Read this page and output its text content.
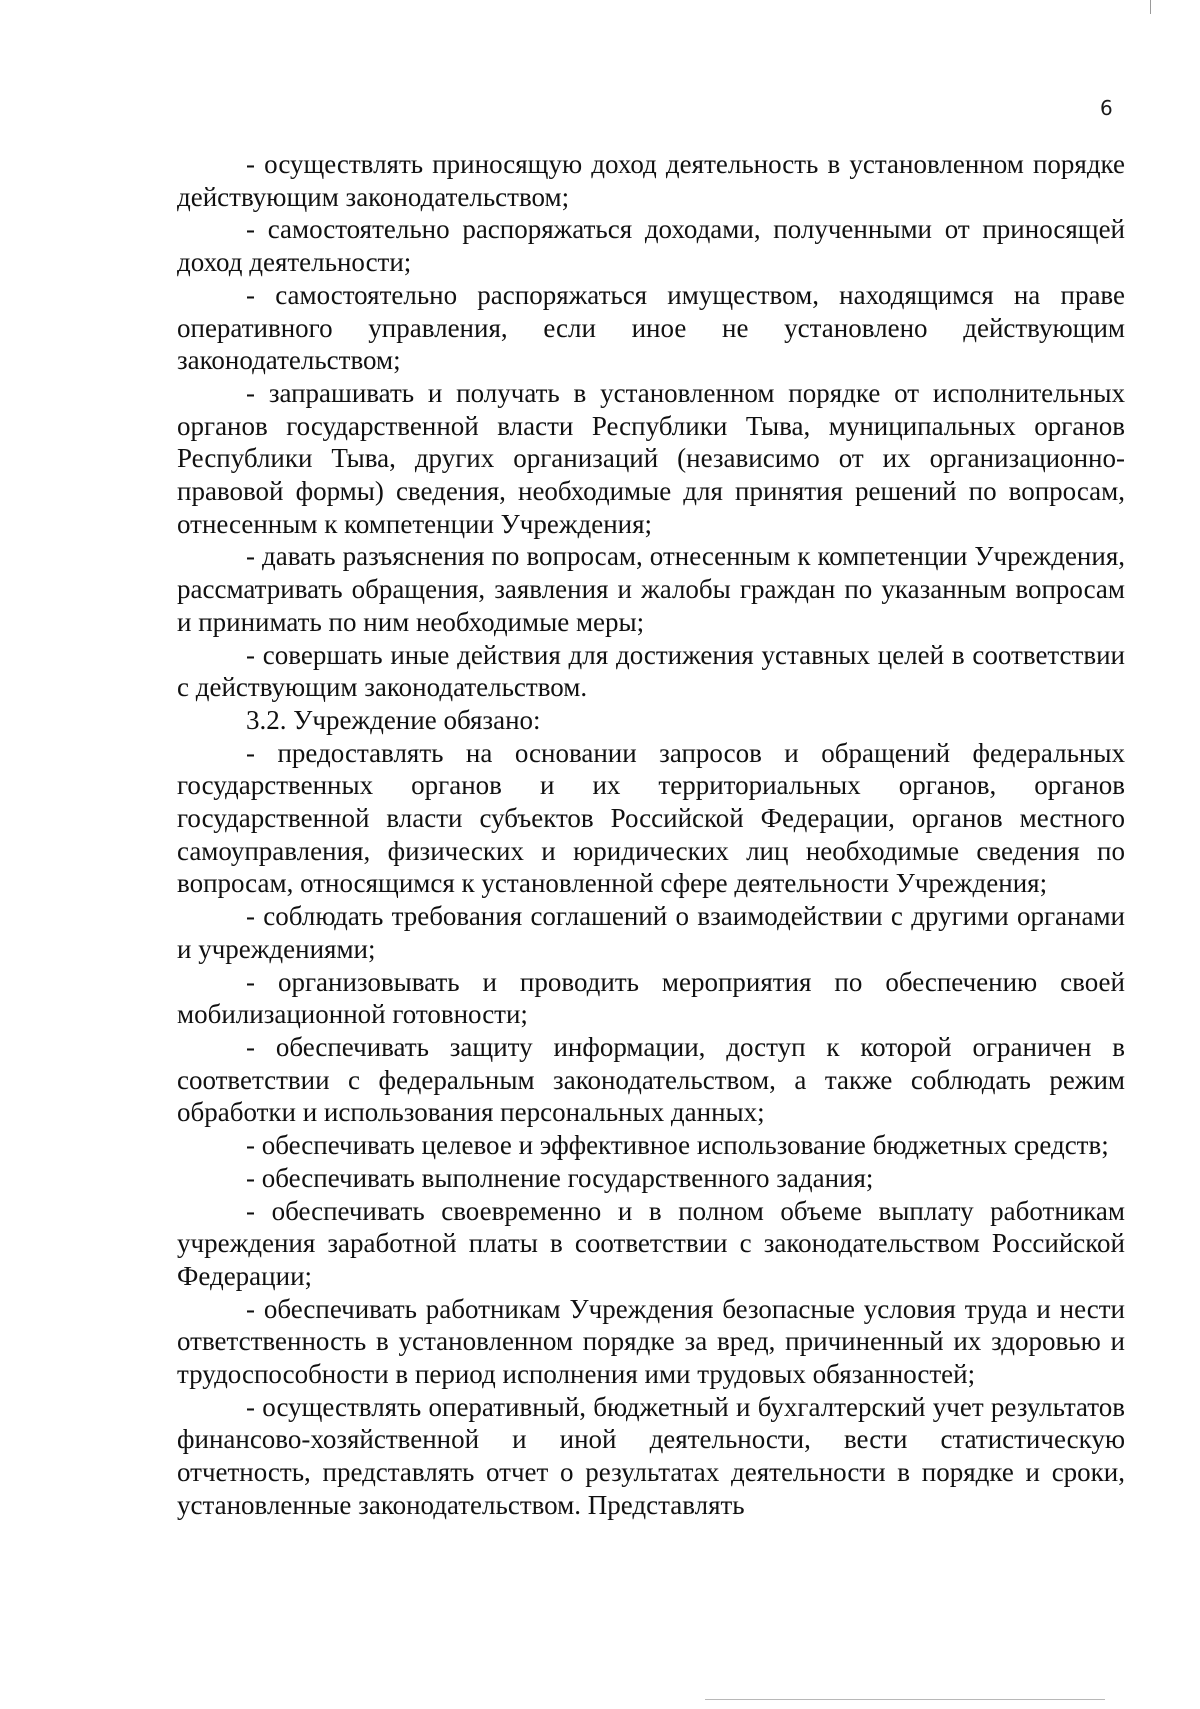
6

- осуществлять приносящую доход деятельность в установленном порядке действующим законодательством;

- самостоятельно распоряжаться доходами, полученными от приносящей доход деятельности;

- самостоятельно распоряжаться имуществом, находящимся на праве оперативного управления, если иное не установлено действующим законодательством;

- запрашивать и получать в установленном порядке от исполнительных органов государственной власти Республики Тыва, муниципальных органов Республики Тыва, других организаций (независимо от их организационно-правовой формы) сведения, необходимые для принятия решений по вопросам, отнесенным к компетенции Учреждения;

- давать разъяснения по вопросам, отнесенным к компетенции Учреждения, рассматривать обращения, заявления и жалобы граждан по указанным вопросам и принимать по ним необходимые меры;

- совершать иные действия для достижения уставных целей в соответствии с действующим законодательством.

3.2. Учреждение обязано:

- предоставлять на основании запросов и обращений федеральных государственных органов и их территориальных органов, органов государственной власти субъектов Российской Федерации, органов местного самоуправления, физических и юридических лиц необходимые сведения по вопросам, относящимся к установленной сфере деятельности Учреждения;

- соблюдать требования соглашений о взаимодействии с другими органами и учреждениями;

- организовывать и проводить мероприятия по обеспечению своей мобилизационной готовности;

- обеспечивать защиту информации, доступ к которой ограничен в соответствии с федеральным законодательством, а также соблюдать режим обработки и использования персональных данных;

- обеспечивать целевое и эффективное использование бюджетных средств;

- обеспечивать выполнение государственного задания;

- обеспечивать своевременно и в полном объеме выплату работникам учреждения заработной платы в соответствии с законодательством Российской Федерации;

- обеспечивать работникам Учреждения безопасные условия труда и нести ответственность в установленном порядке за вред, причиненный их здоровью и трудоспособности в период исполнения ими трудовых обязанностей;

- осуществлять оперативный, бюджетный и бухгалтерский учет результатов финансово-хозяйственной и иной деятельности, вести статистическую отчетность, представлять отчет о результатах деятельности в порядке и сроки, установленные законодательством. Представлять
